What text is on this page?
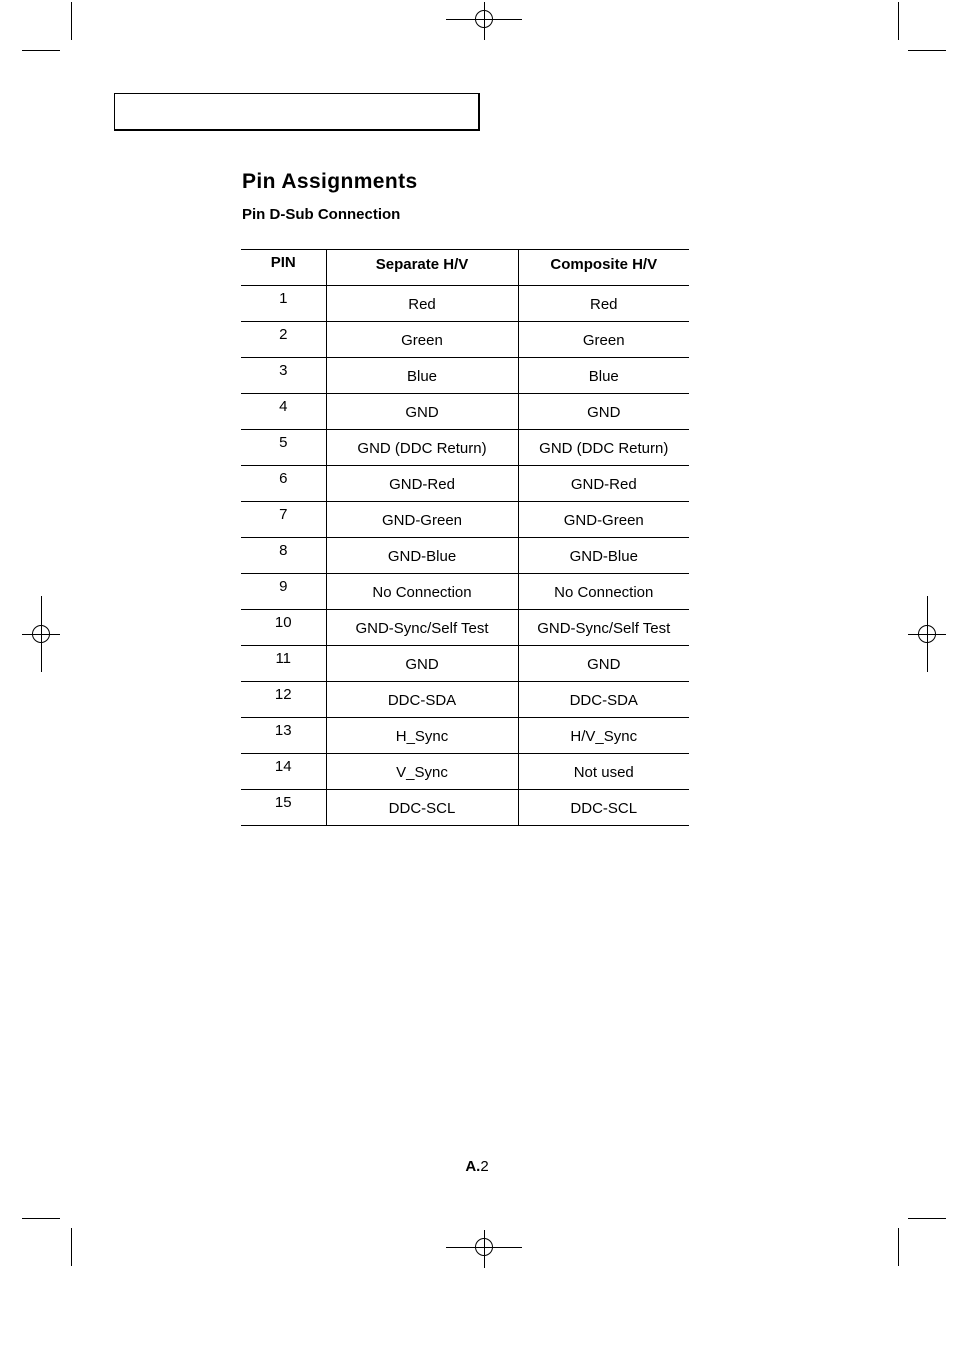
Pin Assignments
Pin D-Sub Connection
PIN	Separate H/V	Composite H/V
1	Red	Red
2	Green	Green
3	Blue	Blue
4	GND	GND
5	GND (DDC Return)	GND (DDC Return)
6	GND-Red	GND-Red
7	GND-Green	GND-Green
8	GND-Blue	GND-Blue
9	No Connection	No Connection
10	GND-Sync/Self Test	GND-Sync/Self Test
11	GND	GND
12	DDC-SDA	DDC-SDA
13	H_Sync	H/V_Sync
14	V_Sync	Not used
15	DDC-SCL	DDC-SCL
A.2
